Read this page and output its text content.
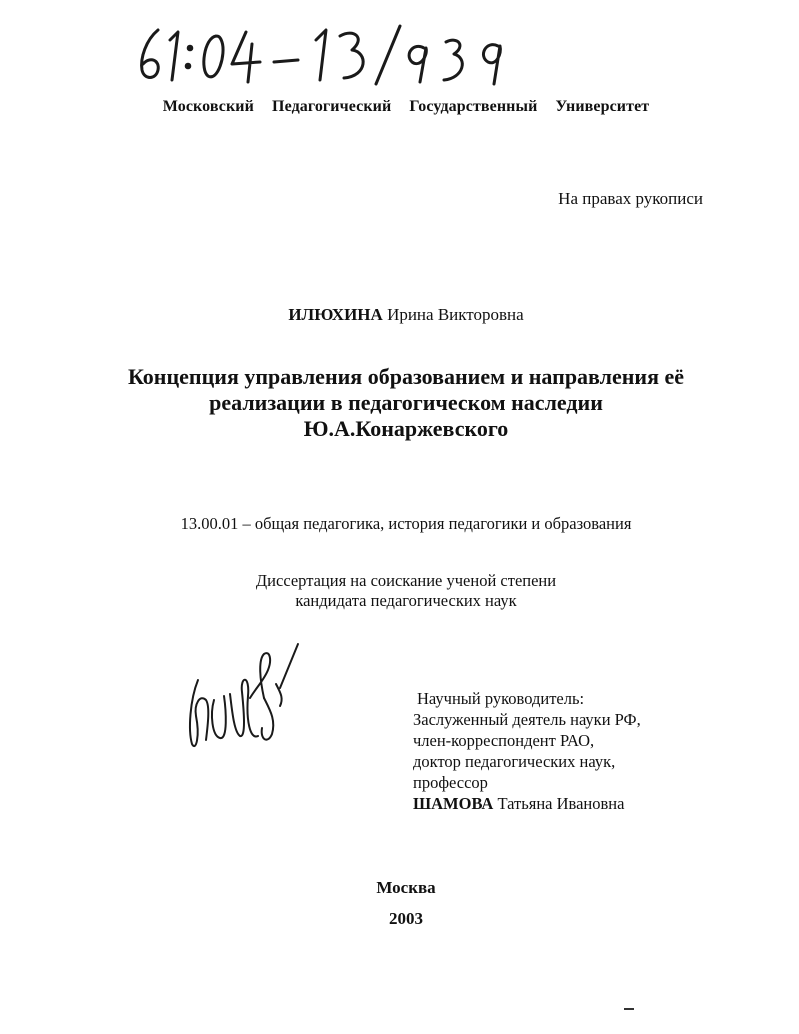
61:04-13/939
Московский Педагогический Государственный Университет
На правах рукописи
ИЛЮХИНА Ирина Викторовна
Концепция управления образованием и направления её
реализации в педагогическом наследии
Ю.А.Конаржевского
13.00.01 – общая педагогика, история педагогики и образования
Диссертация на соискание ученой степени
кандидата педагогических наук
Научный руководитель:
Заслуженный деятель науки РФ,
член-корреспондент РАО,
доктор педагогических наук,
профессор
ШАМОВА Татьяна Ивановна
Москва
2003
